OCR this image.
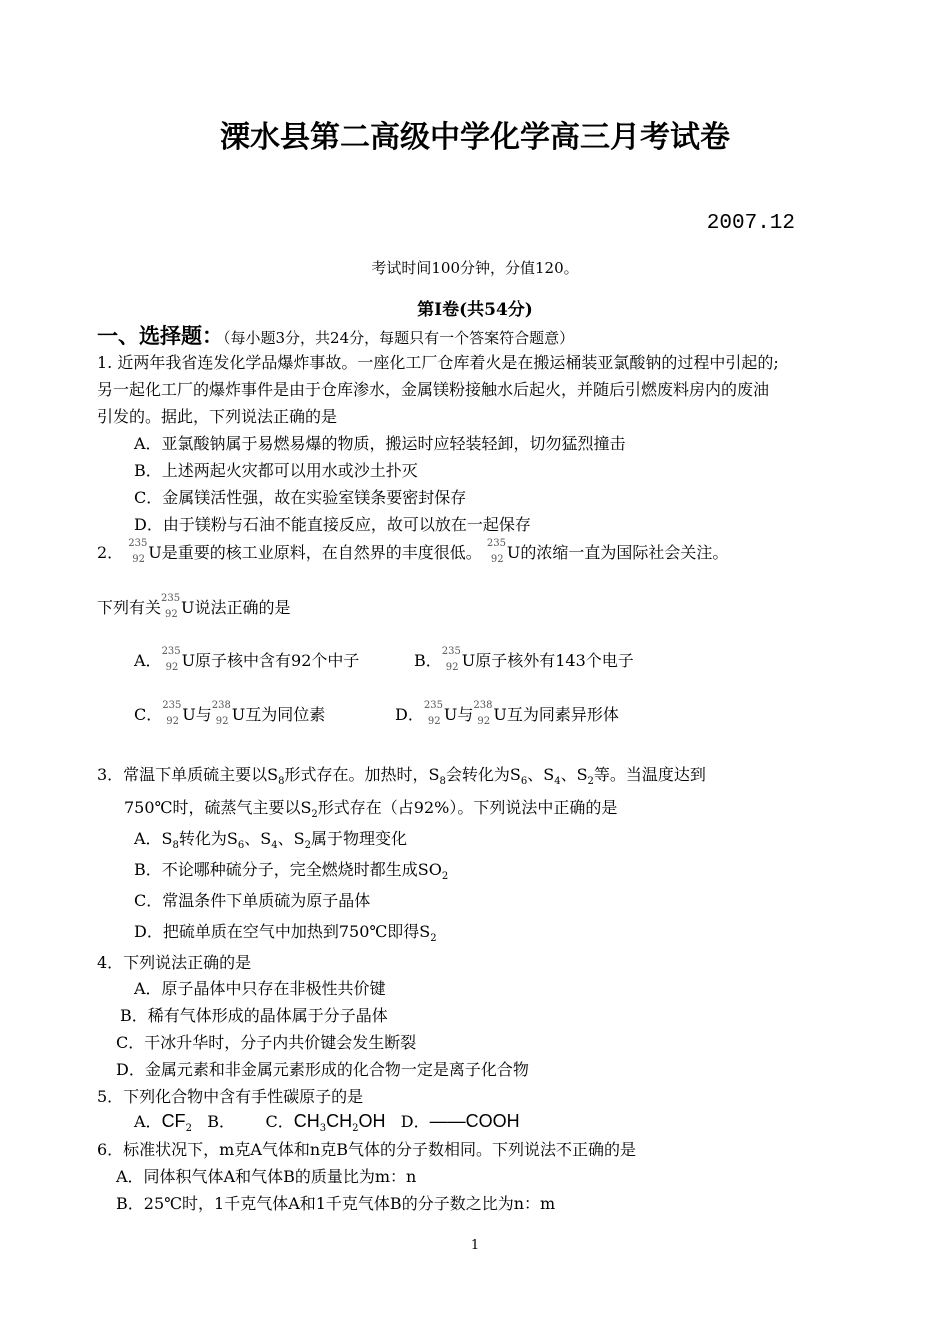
溧水县第二高级中学化学高三月考试卷
2007.12
考试时间100分钟，分值120。
第I卷(共54分)
一、选择题：（每小题3分，共24分，每题只有一个答案符合题意）
1. 近两年我省连发化学品爆炸事故。一座化工厂仓库着火是在搬运桶装亚氯酸钠的过程中引起的;
另一起化工厂的爆炸事件是由于仓库渗水，金属镁粉接触水后起火，并随后引燃废料房内的废油
引发的。据此，下列说法正确的是
A．亚氯酸钠属于易燃易爆的物质，搬运时应轻装轻卸，切勿猛烈撞击
B．上述两起火灾都可以用水或沙土扑灭
C．金属镁活性强，故在实验室镁条要密封保存
D．由于镁粉与石油不能直接反应，故可以放在一起保存
2． 235
92 U是重要的核工业原料，在自然界的丰度很低。 235
92 U的浓缩一直为国际社会关注。
下列有关 235
92 U说法正确的是
A． 235
92 U原子核中含有92个中子	B． 235
92 U原子核外有143个电子
C． 235
92 U与 238
92 U互为同位素	D． 235
92 U与 238
92 U互为同素异形体
3．常温下单质硫主要以$S_8$形式存在。加热时，$S_8$会转化为$S_6$、$S_4$、$S_2$等。当温度达到
750℃时，硫蒸气主要以$S_2$形式存在（占92%）。下列说法中正确的是
A．$S_8$转化为$S_6$、$S_4$、$S_2$属于物理变化
B．不论哪种硫分子，完全燃烧时都生成$SO_2$
C．常温条件下单质硫为原子晶体
D．把硫单质在空气中加热到750℃即得$S_2$
4．下列说法正确的是
A．原子晶体中只存在非极性共价键
B．稀有气体形成的晶体属于分子晶体
C．干冰升华时，分子内共价键会发生断裂
D．金属元素和非金属元素形成的化合物一定是离子化合物
5．下列化合物中含有手性碳原子的是
A．$CF_2$ B． C．$CH_3CH_2OH$ D．——COOH
6．标准状况下，m克A气体和n克B气体的分子数相同。下列说法不正确的是
A．同体积气体A和气体B的质量比为m：n
B．25℃时，1千克气体A和1千克气体B的分子数之比为n：m
1
